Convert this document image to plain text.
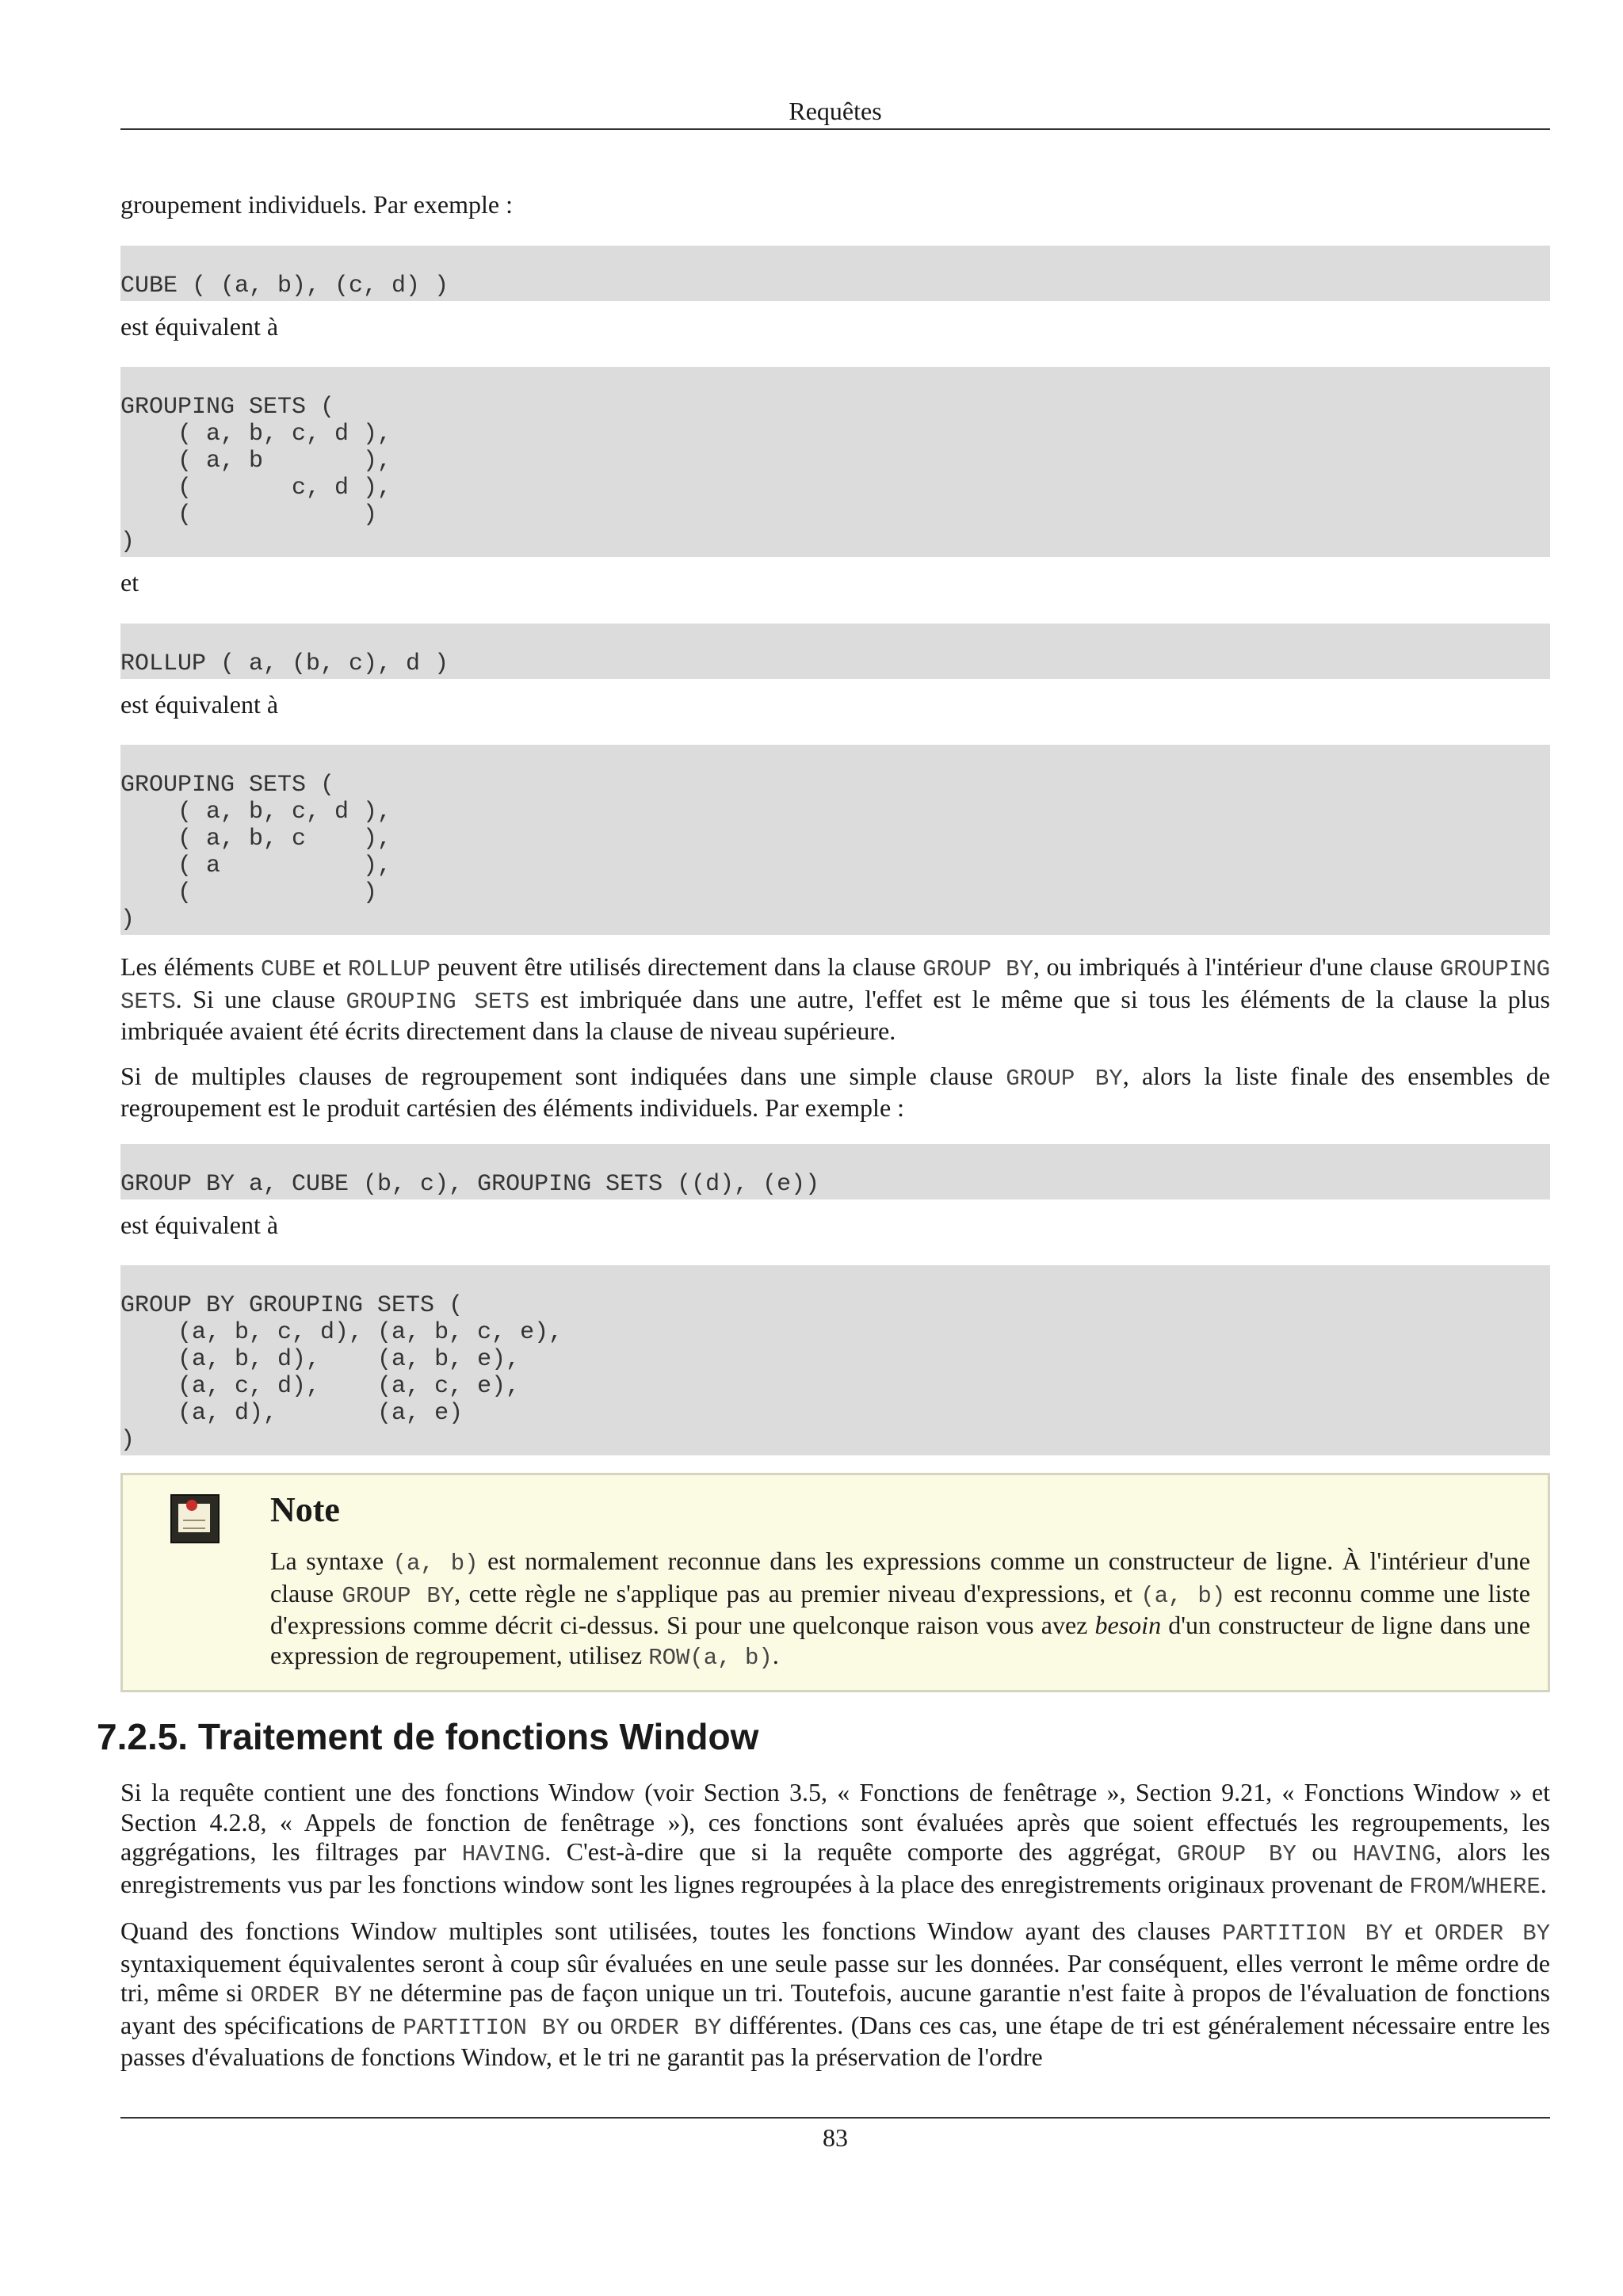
Requêtes

groupement individuels. Par exemple :

CUBE ( (a, b), (c, d) )

est équivalent à

GROUPING SETS (
( a, b, c, d ),
( a, b       ),
(       c, d ),
(            )
)

et

ROLLUP ( a, (b, c), d )

est équivalent à

GROUPING SETS (
( a, b, c, d ),
( a, b, c    ),
( a          ),
(            )
)

Les éléments CUBE et ROLLUP peuvent être utilisés directement dans la clause GROUP BY, ou imbriqués à l'intérieur d'une clause GROUPING SETS. Si une clause GROUPING SETS est imbriquée dans une autre, l'effet est le même que si tous les éléments de la clause la plus imbriquée avaient été écrits directement dans la clause de niveau supérieure.

Si de multiples clauses de regroupement sont indiquées dans une simple clause GROUP BY, alors la liste finale des ensembles de regroupement est le produit cartésien des éléments individuels. Par exemple :

GROUP BY a, CUBE (b, c), GROUPING SETS ((d), (e))

est équivalent à

GROUP BY GROUPING SETS (
(a, b, c, d), (a, b, c, e),
(a, b, d),    (a, b, e),
(a, c, d),    (a, c, e),
(a, d),       (a, e)
)
Note

La syntaxe (a, b) est normalement reconnue dans les expressions comme un constructeur de ligne. À l'intérieur d'une clause GROUP BY, cette règle ne s'applique pas au premier niveau d'expressions, et (a, b) est reconnu comme une liste d'expressions comme décrit ci-dessus. Si pour une quelconque raison vous avez besoin d'un constructeur de ligne dans une expression de regroupement, utilisez ROW(a, b).

7.2.5. Traitement de fonctions Window

Si la requête contient une des fonctions Window (voir Section 3.5, « Fonctions de fenêtrage », Section 9.21, « Fonctions Window » et Section 4.2.8, « Appels de fonction de fenêtrage »), ces fonctions sont évaluées après que soient effectués les regroupements, les aggrégations, les filtrages par HAVING. C'est-à-dire que si la requête comporte des aggrégat, GROUP BY ou HAVING, alors les enregistrements vus par les fonctions window sont les lignes regroupées à la place des enregistrements originaux provenant de FROM/WHERE.

Quand des fonctions Window multiples sont utilisées, toutes les fonctions Window ayant des clauses PARTITION BY et ORDER BY syntaxiquement équivalentes seront à coup sûr évaluées en une seule passe sur les données. Par conséquent, elles verront le même ordre de tri, même si ORDER BY ne détermine pas de façon unique un tri. Toutefois, aucune garantie n'est faite à propos de l'évaluation de fonctions ayant des spécifications de PARTITION BY ou ORDER BY différentes. (Dans ces cas, une étape de tri est généralement nécessaire entre les passes d'évaluations de fonctions Window, et le tri ne garantit pas la préservation de l'ordre

83
